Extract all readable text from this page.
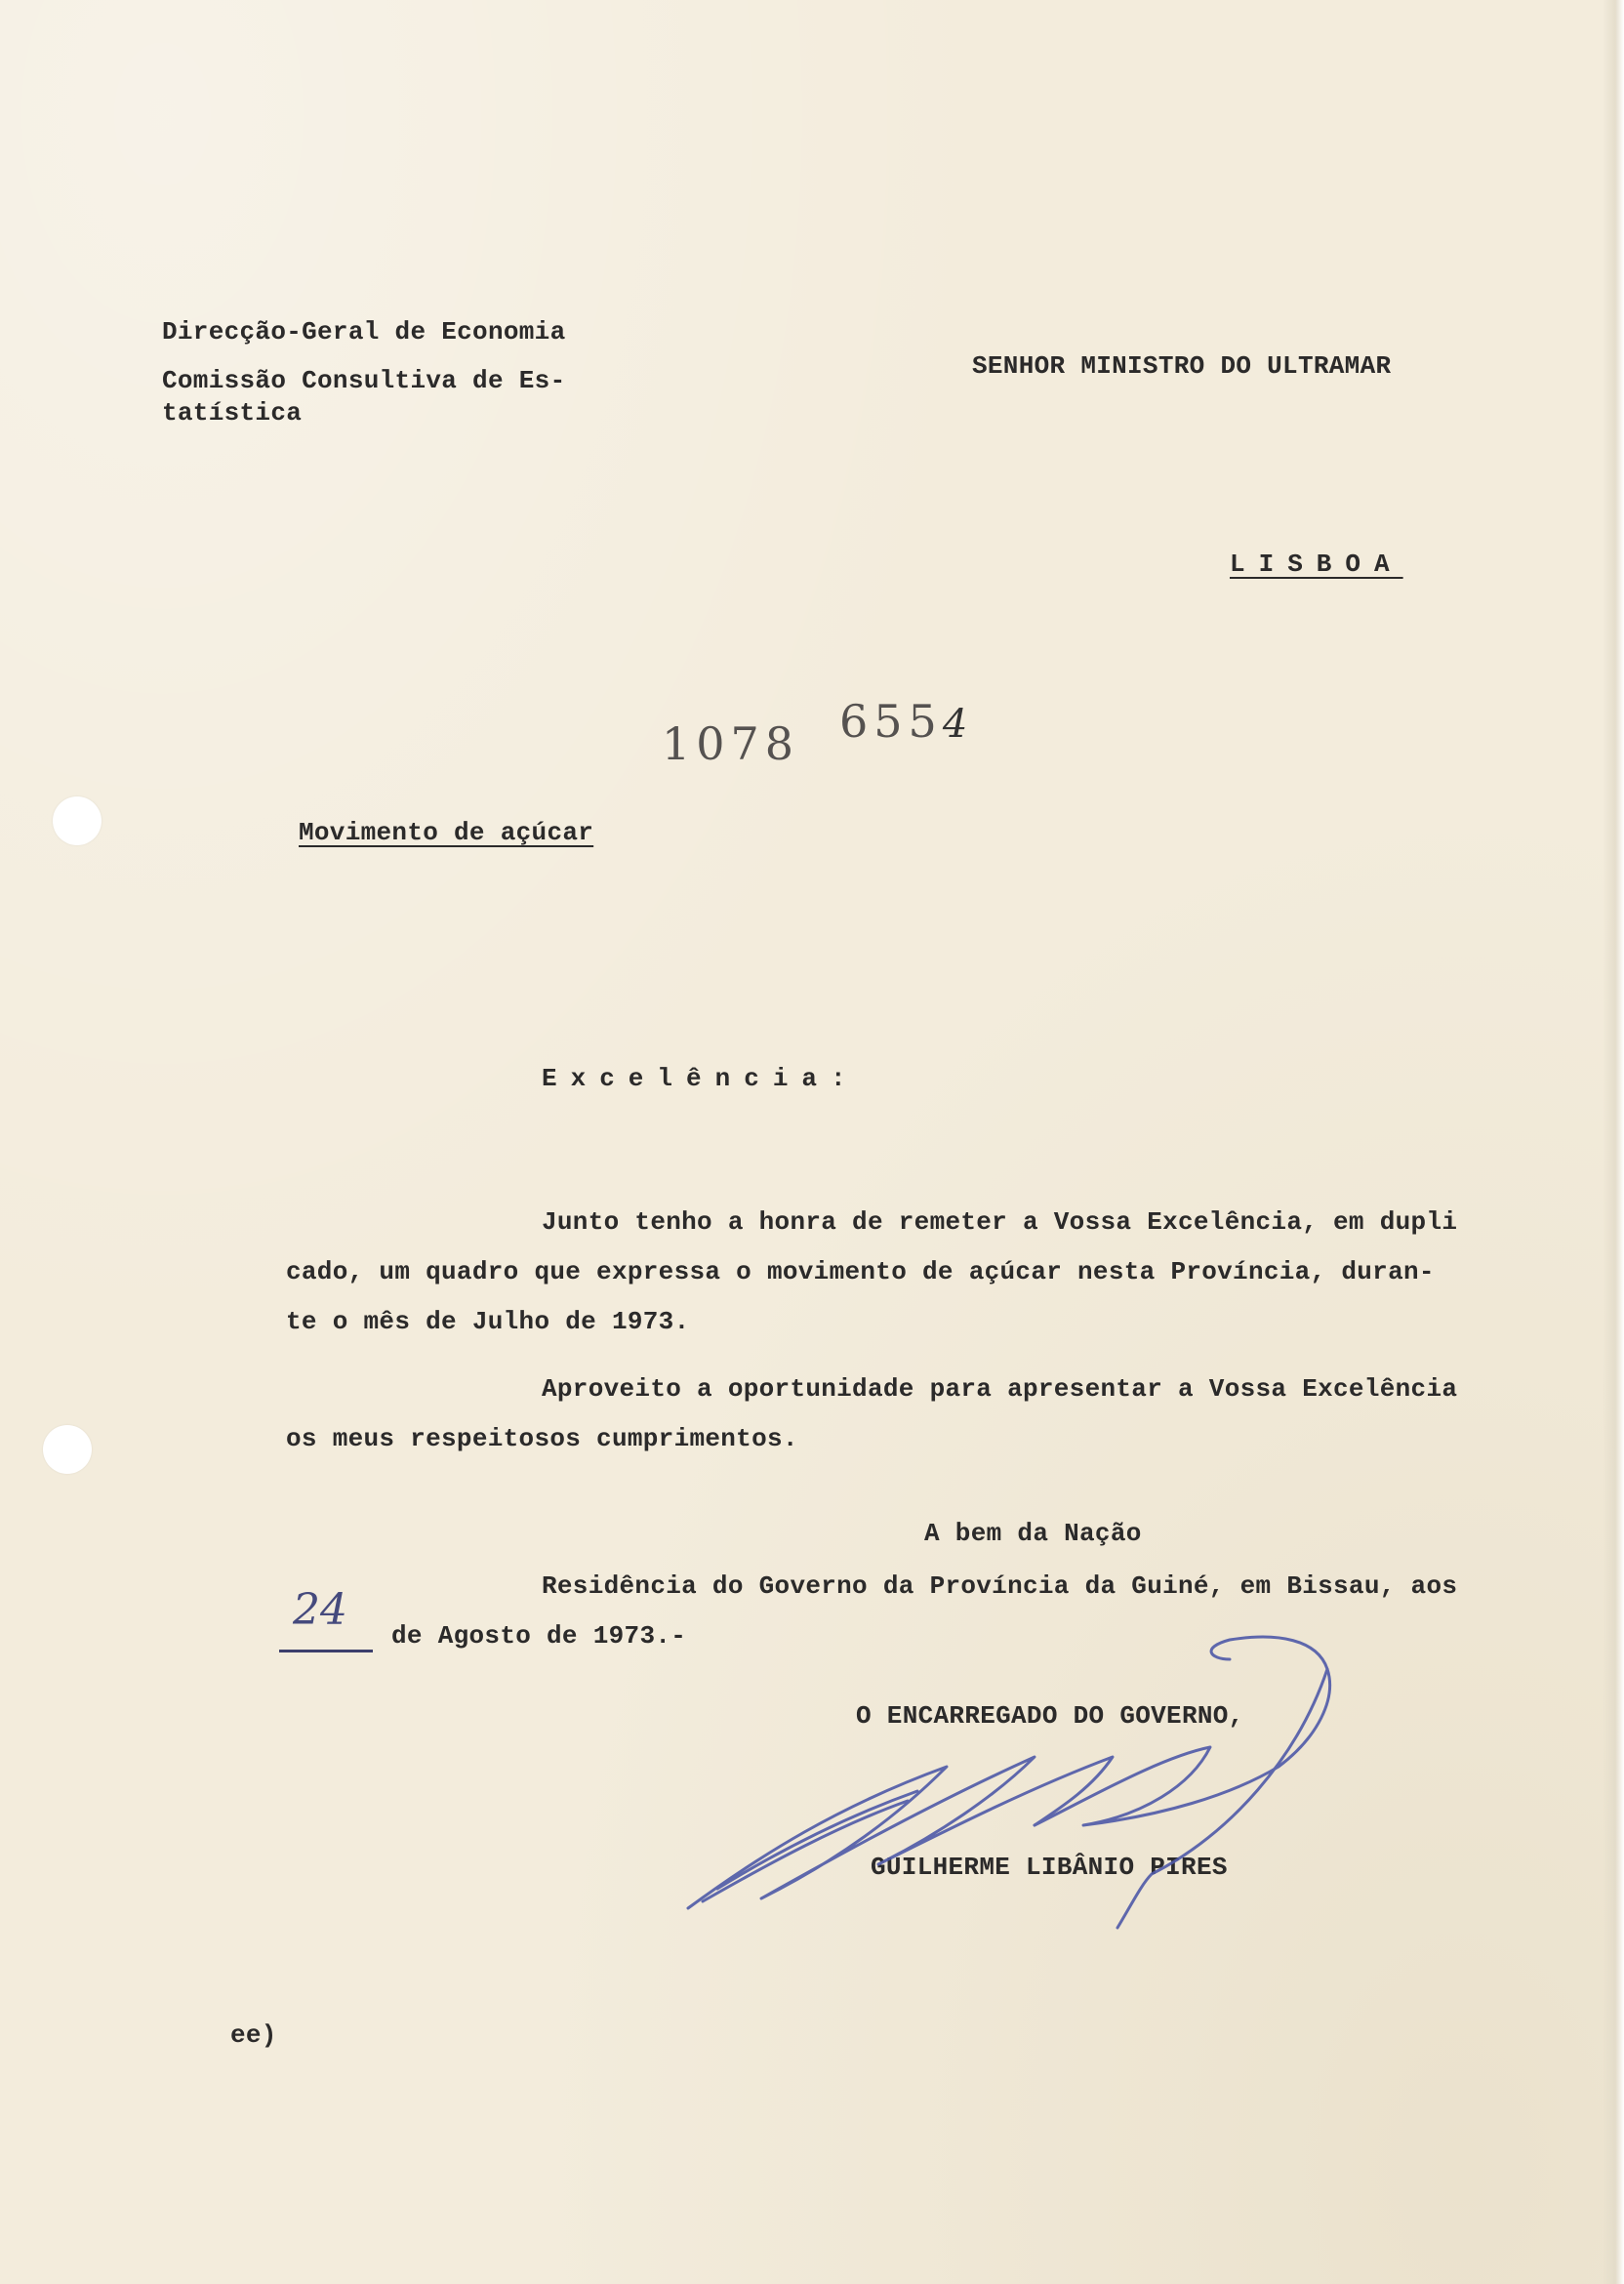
Direcção-Geral de Economia
Comissão Consultiva de Es-
tatística
SENHOR MINISTRO DO ULTRAMAR
LISBOA
1078 6554
Movimento de açúcar
Excelência:
Junto tenho a honra de remeter a Vossa Excelência, em dupli
cado, um quadro que expressa o movimento de açúcar nesta Província, duran-
te o mês de Julho de 1973.
Aproveito a oportunidade para apresentar a Vossa Excelência
os meus respeitosos cumprimentos.
A bem da Nação
Residência do Governo da Província da Guiné, em Bissau, aos
24
de Agosto de 1973.-
O ENCARREGADO DO GOVERNO,
GUILHERME LIBÂNIO PIRES
ee)
